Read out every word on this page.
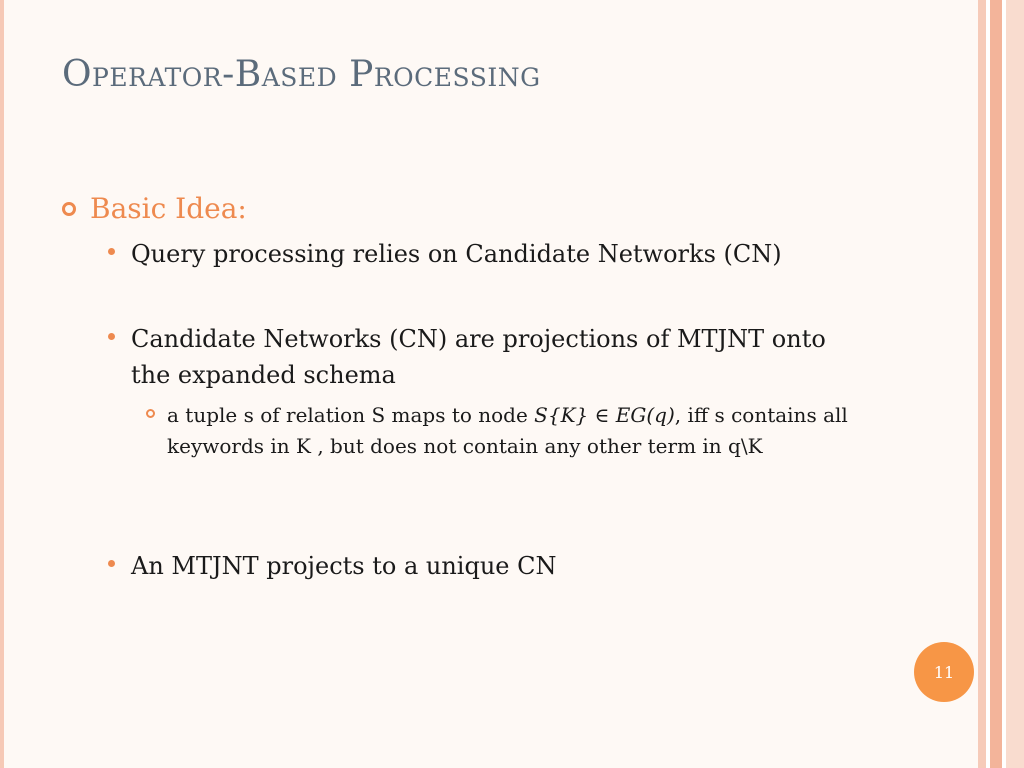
Operator-Based Processing
Basic Idea:
Query processing relies on Candidate Networks (CN)
Candidate Networks (CN) are projections of MTJNT onto the expanded schema
a tuple s of relation S maps to node S{K} ∈ EG(q), iff s contains all keywords in K , but does not contain any other term in q\K
An MTJNT projects to a unique CN
11
